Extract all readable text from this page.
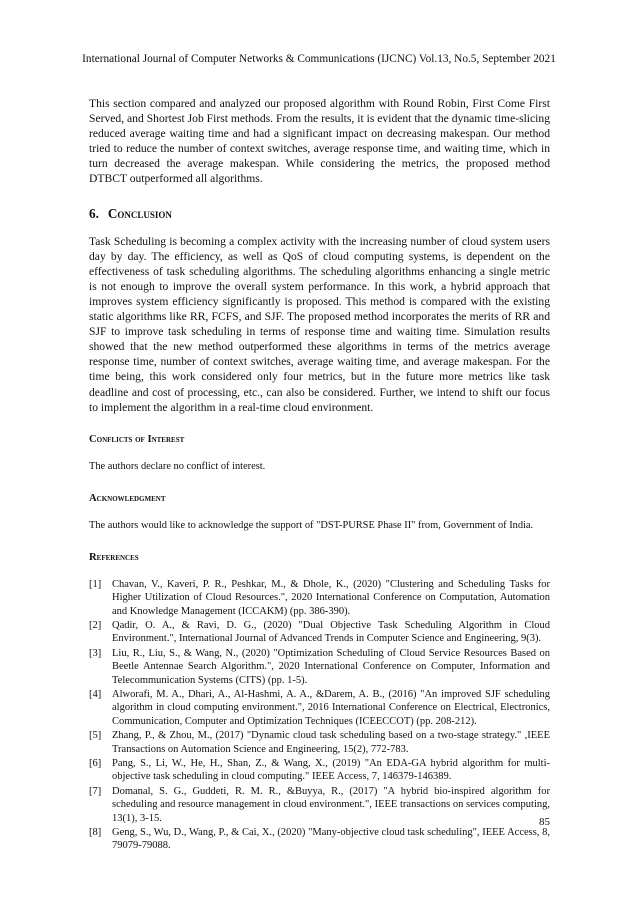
International Journal of Computer Networks & Communications (IJCNC) Vol.13, No.5, September 2021

This section compared and analyzed our proposed algorithm with Round Robin, First Come First Served, and Shortest Job First methods. From the results, it is evident that the dynamic time-slicing reduced average waiting time and had a significant impact on decreasing makespan. Our method tried to reduce the number of context switches, average response time, and waiting time, which in turn decreased the average makespan. While considering the metrics, the proposed method DTBCT outperformed all algorithms.

6. Conclusion

Task Scheduling is becoming a complex activity with the increasing number of cloud system users day by day. The efficiency, as well as QoS of cloud computing systems, is dependent on the effectiveness of task scheduling algorithms. The scheduling algorithms enhancing a single metric is not enough to improve the overall system performance. In this work, a hybrid approach that improves system efficiency significantly is proposed. This method is compared with the existing static algorithms like RR, FCFS, and SJF. The proposed method incorporates the merits of RR and SJF to improve task scheduling in terms of response time and waiting time. Simulation results showed that the new method outperformed these algorithms in terms of the metrics average response time, number of context switches, average waiting time, and average makespan. For the time being, this work considered only four metrics, but in the future more metrics like task deadline and cost of processing, etc., can also be considered. Further, we intend to shift our focus to implement the algorithm in a real-time cloud environment.

Conflicts of Interest

The authors declare no conflict of interest.

Acknowledgment

The authors would like to acknowledge the support of "DST-PURSE Phase II" from, Government of India.

References
[1] Chavan, V., Kaveri, P. R., Peshkar, M., & Dhole, K., (2020) "Clustering and Scheduling Tasks for Higher Utilization of Cloud Resources.", 2020 International Conference on Computation, Automation and Knowledge Management (ICCAKM) (pp. 386-390).
[2] Qadir, O. A., & Ravi, D. G., (2020) "Dual Objective Task Scheduling Algorithm in Cloud Environment.", International Journal of Advanced Trends in Computer Science and Engineering, 9(3).
[3] Liu, R., Liu, S., & Wang, N., (2020) "Optimization Scheduling of Cloud Service Resources Based on Beetle Antennae Search Algorithm.", 2020 International Conference on Computer, Information and Telecommunication Systems (CITS) (pp. 1-5).
[4] Alworafi, M. A., Dhari, A., Al-Hashmi, A. A., &Darem, A. B., (2016) "An improved SJF scheduling algorithm in cloud computing environment.", 2016 International Conference on Electrical, Electronics, Communication, Computer and Optimization Techniques (ICEECCOT) (pp. 208-212).
[5] Zhang, P., & Zhou, M., (2017) "Dynamic cloud task scheduling based on a two-stage strategy." ,IEEE Transactions on Automation Science and Engineering, 15(2), 772-783.
[6] Pang, S., Li, W., He, H., Shan, Z., & Wang, X., (2019) "An EDA-GA hybrid algorithm for multi-objective task scheduling in cloud computing." IEEE Access, 7, 146379-146389.
[7] Domanal, S. G., Guddeti, R. M. R., &Buyya, R., (2017) "A hybrid bio-inspired algorithm for scheduling and resource management in cloud environment.", IEEE transactions on services computing, 13(1), 3-15.
[8] Geng, S., Wu, D., Wang, P., & Cai, X., (2020) "Many-objective cloud task scheduling", IEEE Access, 8, 79079-79088.
85
